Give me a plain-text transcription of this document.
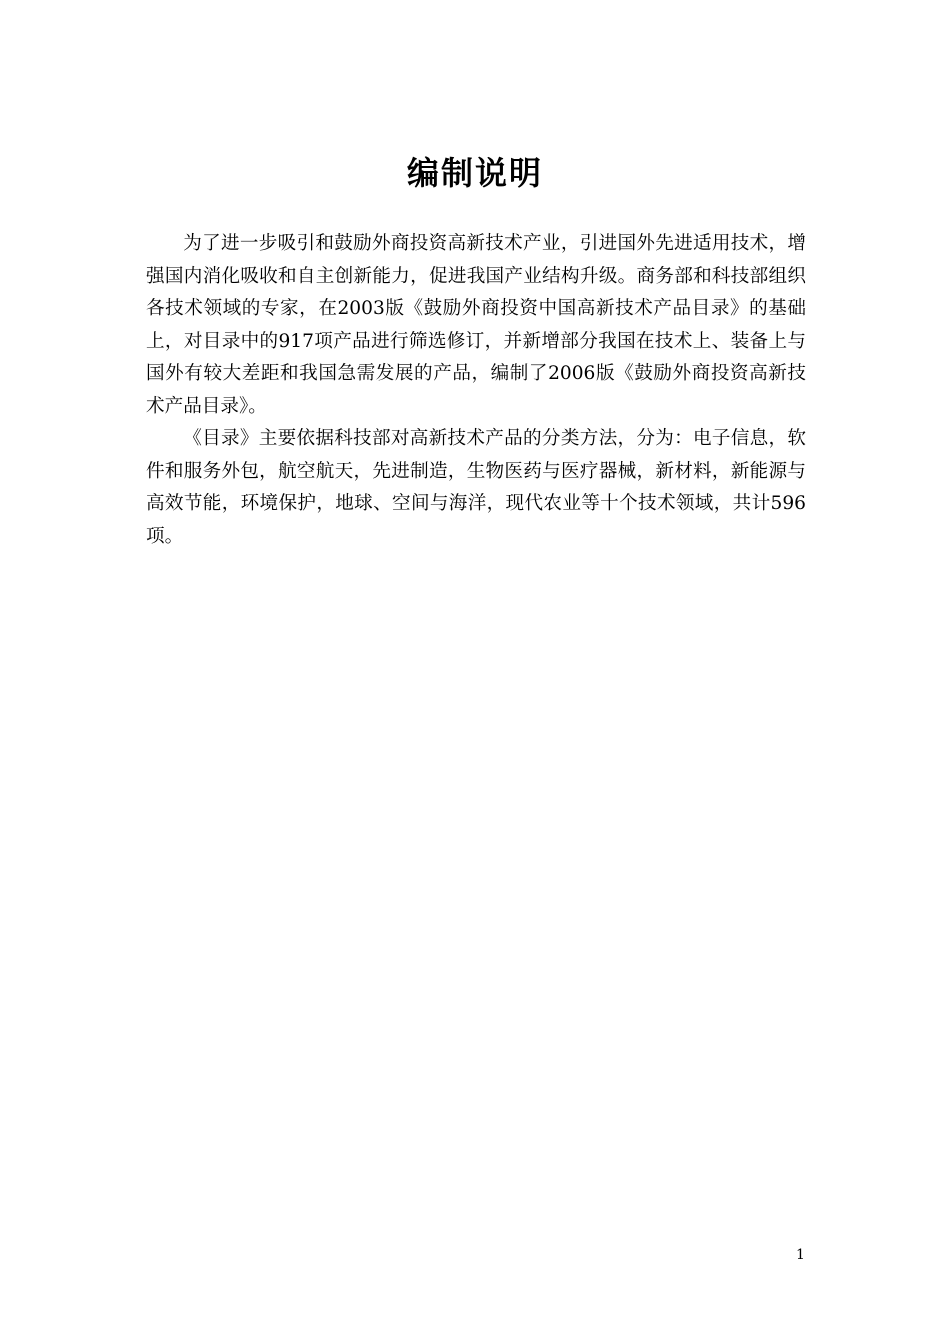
编制说明

为了进一步吸引和鼓励外商投资高新技术产业，引进国外先进适用技术，增强国内消化吸收和自主创新能力，促进我国产业结构升级。商务部和科技部组织各技术领域的专家，在2003版《鼓励外商投资中国高新技术产品目录》的基础上，对目录中的917项产品进行筛选修订，并新增部分我国在技术上、装备上与国外有较大差距和我国急需发展的产品，编制了2006版《鼓励外商投资高新技术产品目录》。

《目录》主要依据科技部对高新技术产品的分类方法，分为：电子信息，软件和服务外包，航空航天，先进制造，生物医药与医疗器械，新材料，新能源与高效节能，环境保护，地球、空间与海洋，现代农业等十个技术领域，共计596项。

1
